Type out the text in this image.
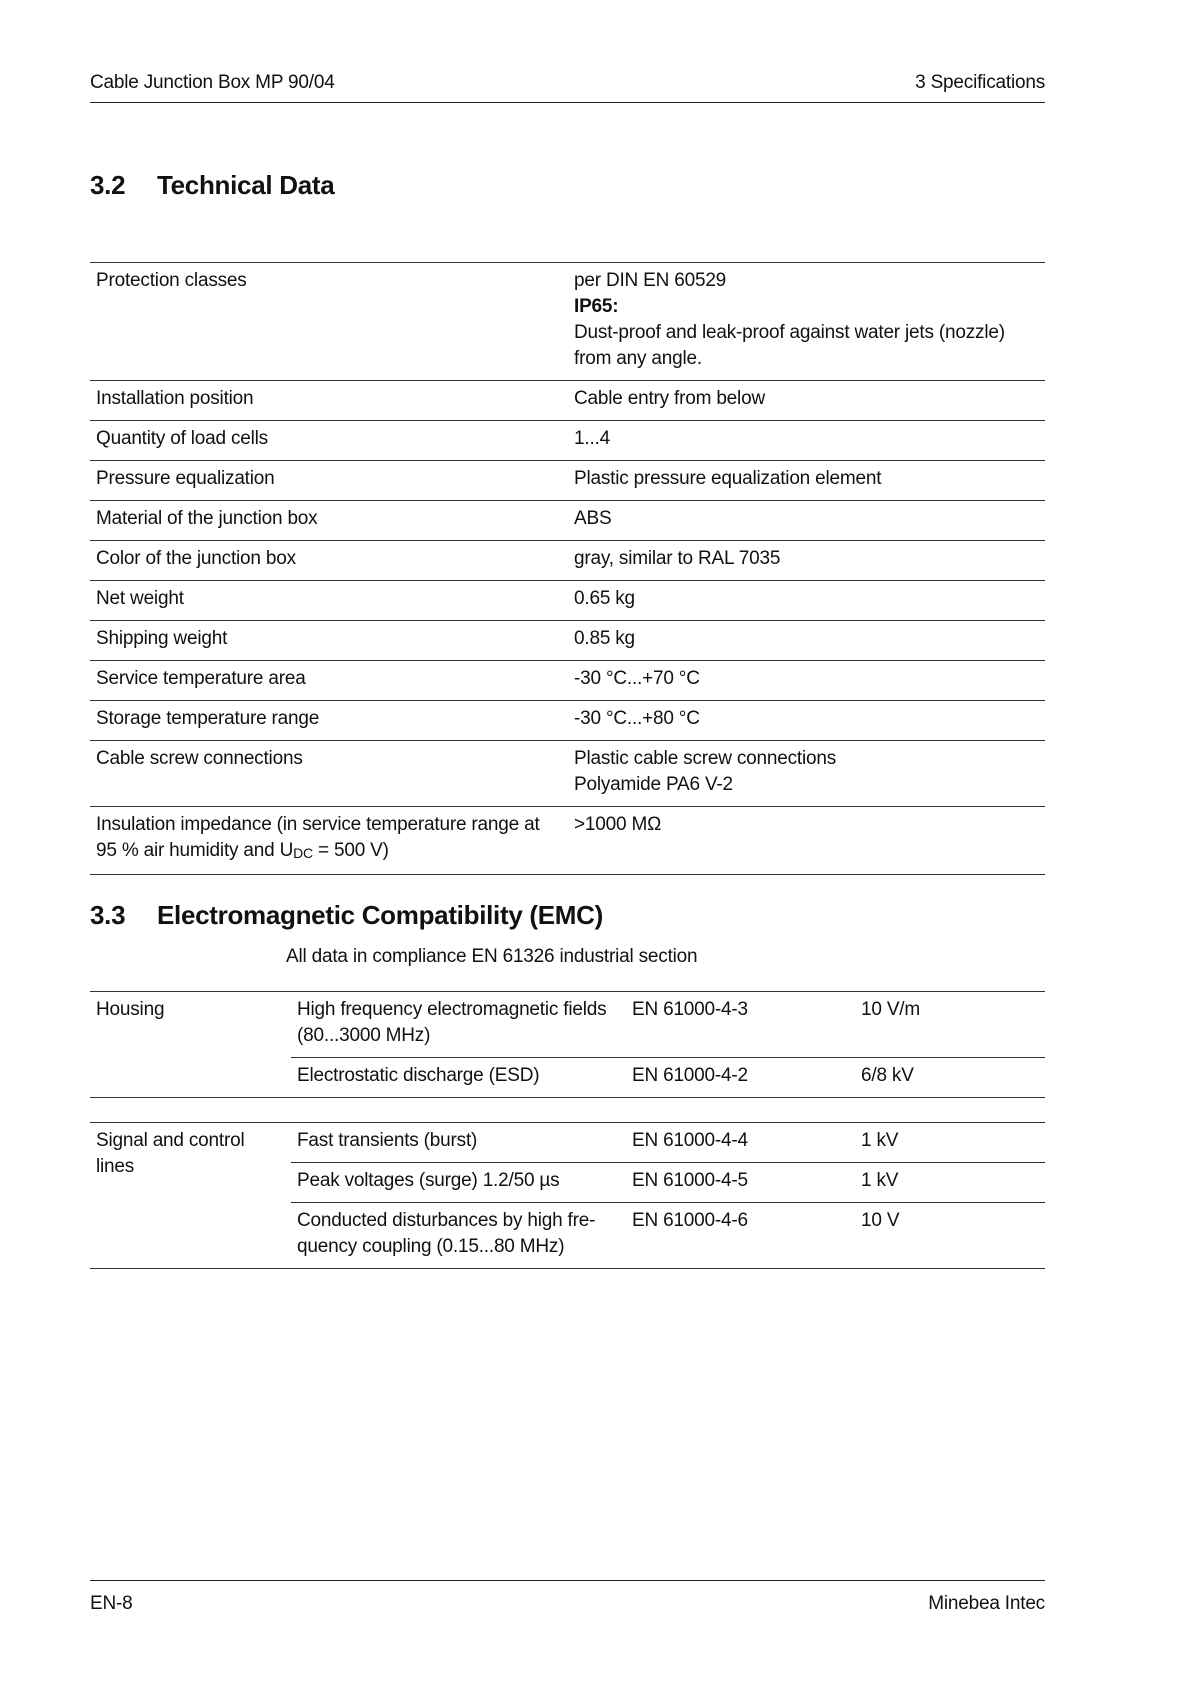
Cable Junction Box MP 90/04	3 Specifications
3.2 Technical Data
Protection classes	per DIN EN 60529
IP65:
Dust-proof and leak-proof against water jets (nozzle)
from any angle.

Installation position	Cable entry from below
Quantity of load cells	1...4
Pressure equalization	Plastic pressure equalization element
Material of the junction box	ABS
Color of the junction box	gray, similar to RAL 7035
Net weight	0.65 kg
Shipping weight	0.85 kg
Service temperature area	-30 °C...+70 °C
Storage temperature range	-30 °C...+80 °C
Cable screw connections	Plastic cable screw connections
Polyamide PA6 V-2

Insulation impedance (in service temperature range at
95 % air humidity and $U_{DC} = 500$ V)	>1000 MΩ
3.3 Electromagnetic Compatibility (EMC)
All data in compliance EN 61326 industrial section
Housing	High frequency electromagnetic fields
(80...3000 MHz)	EN 61000-4-3	10 V/m
	Electrostatic discharge (ESD)	EN 61000-4-2	6/8 kV

Signal and control
lines	Fast transients (burst)	EN 61000-4-4	1 kV
	Peak voltages (surge) 1.2/50 µs	EN 61000-4-5	1 kV

	Conducted disturbances by high fre-
quency coupling (0.15...80 MHz)	EN 61000-4-6	10 V
EN-8	Minebea Intec
